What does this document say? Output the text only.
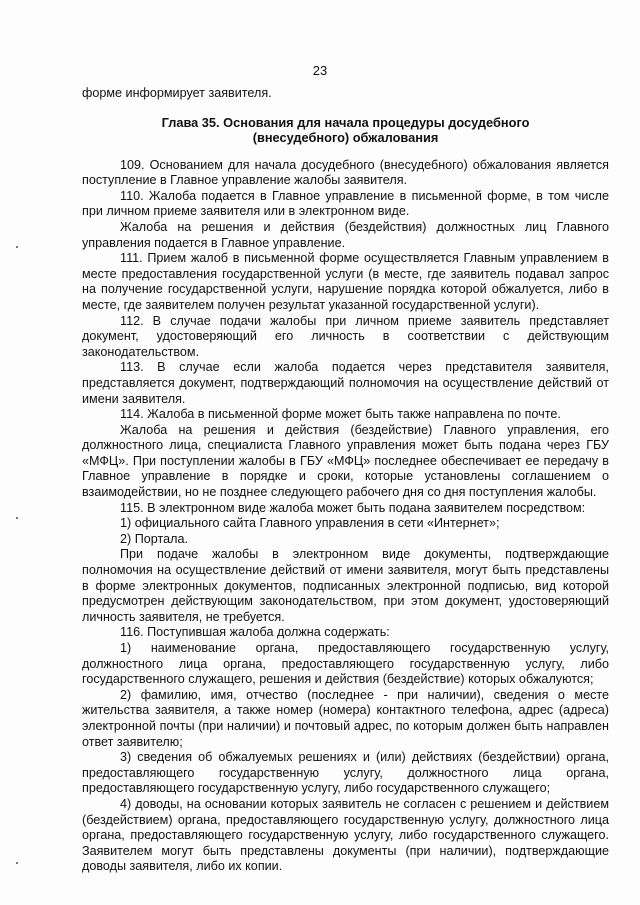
23

форме информирует заявителя.

Глава 35. Основания для начала процедуры досудебного (внесудебного) обжалования

109. Основанием для начала досудебного (внесудебного) обжалования является поступление в Главное управление жалобы заявителя.

110. Жалоба подается в Главное управление в письменной форме, в том числе при личном приеме заявителя или в электронном виде.

Жалоба на решения и действия (бездействия) должностных лиц Главного управления подается в Главное управление.

111. Прием жалоб в письменной форме осуществляется Главным управлением в месте предоставления государственной услуги (в месте, где заявитель подавал запрос на получение государственной услуги, нарушение порядка которой обжалуется, либо в месте, где заявителем получен результат указанной государственной услуги).

112. В случае подачи жалобы при личном приеме заявитель представляет документ, удостоверяющий его личность в соответствии с действующим законодательством.

113. В случае если жалоба подается через представителя заявителя, представляется документ, подтверждающий полномочия на осуществление действий от имени заявителя.

114. Жалоба в письменной форме может быть также направлена по почте.

Жалоба на решения и действия (бездействие) Главного управления, его должностного лица, специалиста Главного управления может быть подана через ГБУ «МФЦ». При поступлении жалобы в ГБУ «МФЦ» последнее обеспечивает ее передачу в Главное управление в порядке и сроки, которые установлены соглашением о взаимодействии, но не позднее следующего рабочего дня со дня поступления жалобы.

115. В электронном виде жалоба может быть подана заявителем посредством:

1) официального сайта Главного управления в сети «Интернет»;

2) Портала.

При подаче жалобы в электронном виде документы, подтверждающие полномочия на осуществление действий от имени заявителя, могут быть представлены в форме электронных документов, подписанных электронной подписью, вид которой предусмотрен действующим законодательством, при этом документ, удостоверяющий личность заявителя, не требуется.

116. Поступившая жалоба должна содержать:

1) наименование органа, предоставляющего государственную услугу, должностного лица органа, предоставляющего государственную услугу, либо государственного служащего, решения и действия (бездействие) которых обжалуются;

2) фамилию, имя, отчество (последнее - при наличии), сведения о месте жительства заявителя, а также номер (номера) контактного телефона, адрес (адреса) электронной почты (при наличии) и почтовый адрес, по которым должен быть направлен ответ заявителю;

3) сведения об обжалуемых решениях и (или) действиях (бездействии) органа, предоставляющего государственную услугу, должностного лица органа, предоставляющего государственную услугу, либо государственного служащего;

4) доводы, на основании которых заявитель не согласен с решением и действием (бездействием) органа, предоставляющего государственную услугу, должностного лица органа, предоставляющего государственную услугу, либо государственного служащего. Заявителем могут быть представлены документы (при наличии), подтверждающие доводы заявителя, либо их копии.
